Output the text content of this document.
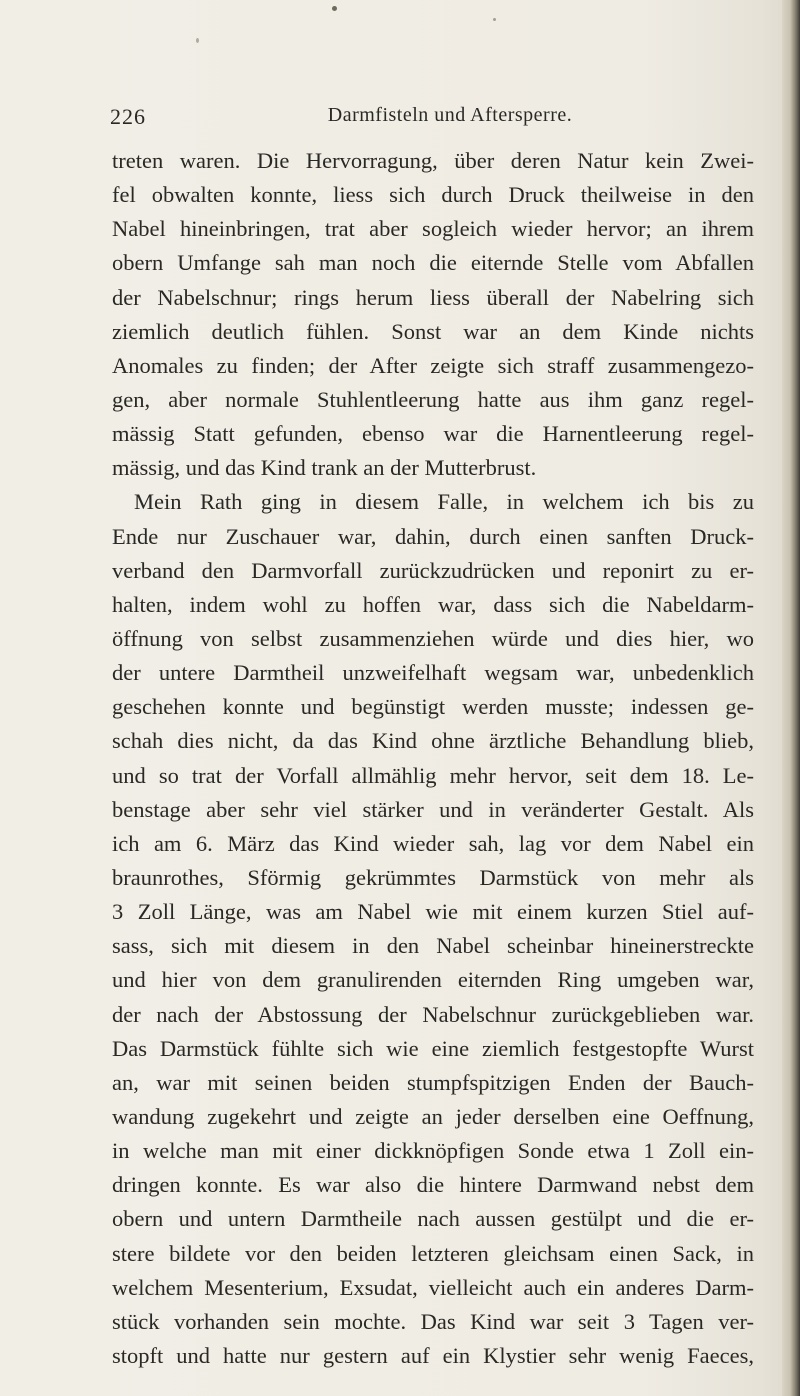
226	Darmfisteln und Aftersperre.
treten waren. Die Hervorragung, über deren Natur kein Zwei-
fel obwalten konnte, liess sich durch Druck theilweise in den
Nabel hineinbringen, trat aber sogleich wieder hervor; an ihrem
obern Umfange sah man noch die eiternde Stelle vom Abfallen
der Nabelschnur; rings herum liess überall der Nabelring sich
ziemlich deutlich fühlen. Sonst war an dem Kinde nichts
Anomales zu finden; der After zeigte sich straff zusammengezo-
gen, aber normale Stuhlentleerung hatte aus ihm ganz regel-
mässig Statt gefunden, ebenso war die Harnentleerung regel-
mässig, und das Kind trank an der Mutterbrust.
Mein Rath ging in diesem Falle, in welchem ich bis zu
Ende nur Zuschauer war, dahin, durch einen sanften Druck-
verband den Darmvorfall zurückzudrücken und reponirt zu er-
halten, indem wohl zu hoffen war, dass sich die Nabeldarm-
öffnung von selbst zusammenziehen würde und dies hier, wo
der untere Darmtheil unzweifelhaft wegsam war, unbedenklich
geschehen konnte und begünstigt werden musste; indessen ge-
schah dies nicht, da das Kind ohne ärztliche Behandlung blieb,
und so trat der Vorfall allmählig mehr hervor, seit dem 18. Le-
benstage aber sehr viel stärker und in veränderter Gestalt. Als
ich am 6. März das Kind wieder sah, lag vor dem Nabel ein
braunrothes, Sförmig gekrümmtes Darmstück von mehr als
3 Zoll Länge, was am Nabel wie mit einem kurzen Stiel auf-
sass, sich mit diesem in den Nabel scheinbar hineinerstreckte
und hier von dem granulirenden eiternden Ring umgeben war,
der nach der Abstossung der Nabelschnur zurückgeblieben war.
Das Darmstück fühlte sich wie eine ziemlich festgestopfte Wurst
an, war mit seinen beiden stumpfspitzigen Enden der Bauch-
wandung zugekehrt und zeigte an jeder derselben eine Oeffnung,
in welche man mit einer dickknöpfigen Sonde etwa 1 Zoll ein-
dringen konnte. Es war also die hintere Darmwand nebst dem
obern und untern Darmtheile nach aussen gestülpt und die er-
stere bildete vor den beiden letzteren gleichsam einen Sack, in
welchem Mesenterium, Exsudat, vielleicht auch ein anderes Darm-
stück vorhanden sein mochte. Das Kind war seit 3 Tagen ver-
stopft und hatte nur gestern auf ein Klystier sehr wenig Faeces,
